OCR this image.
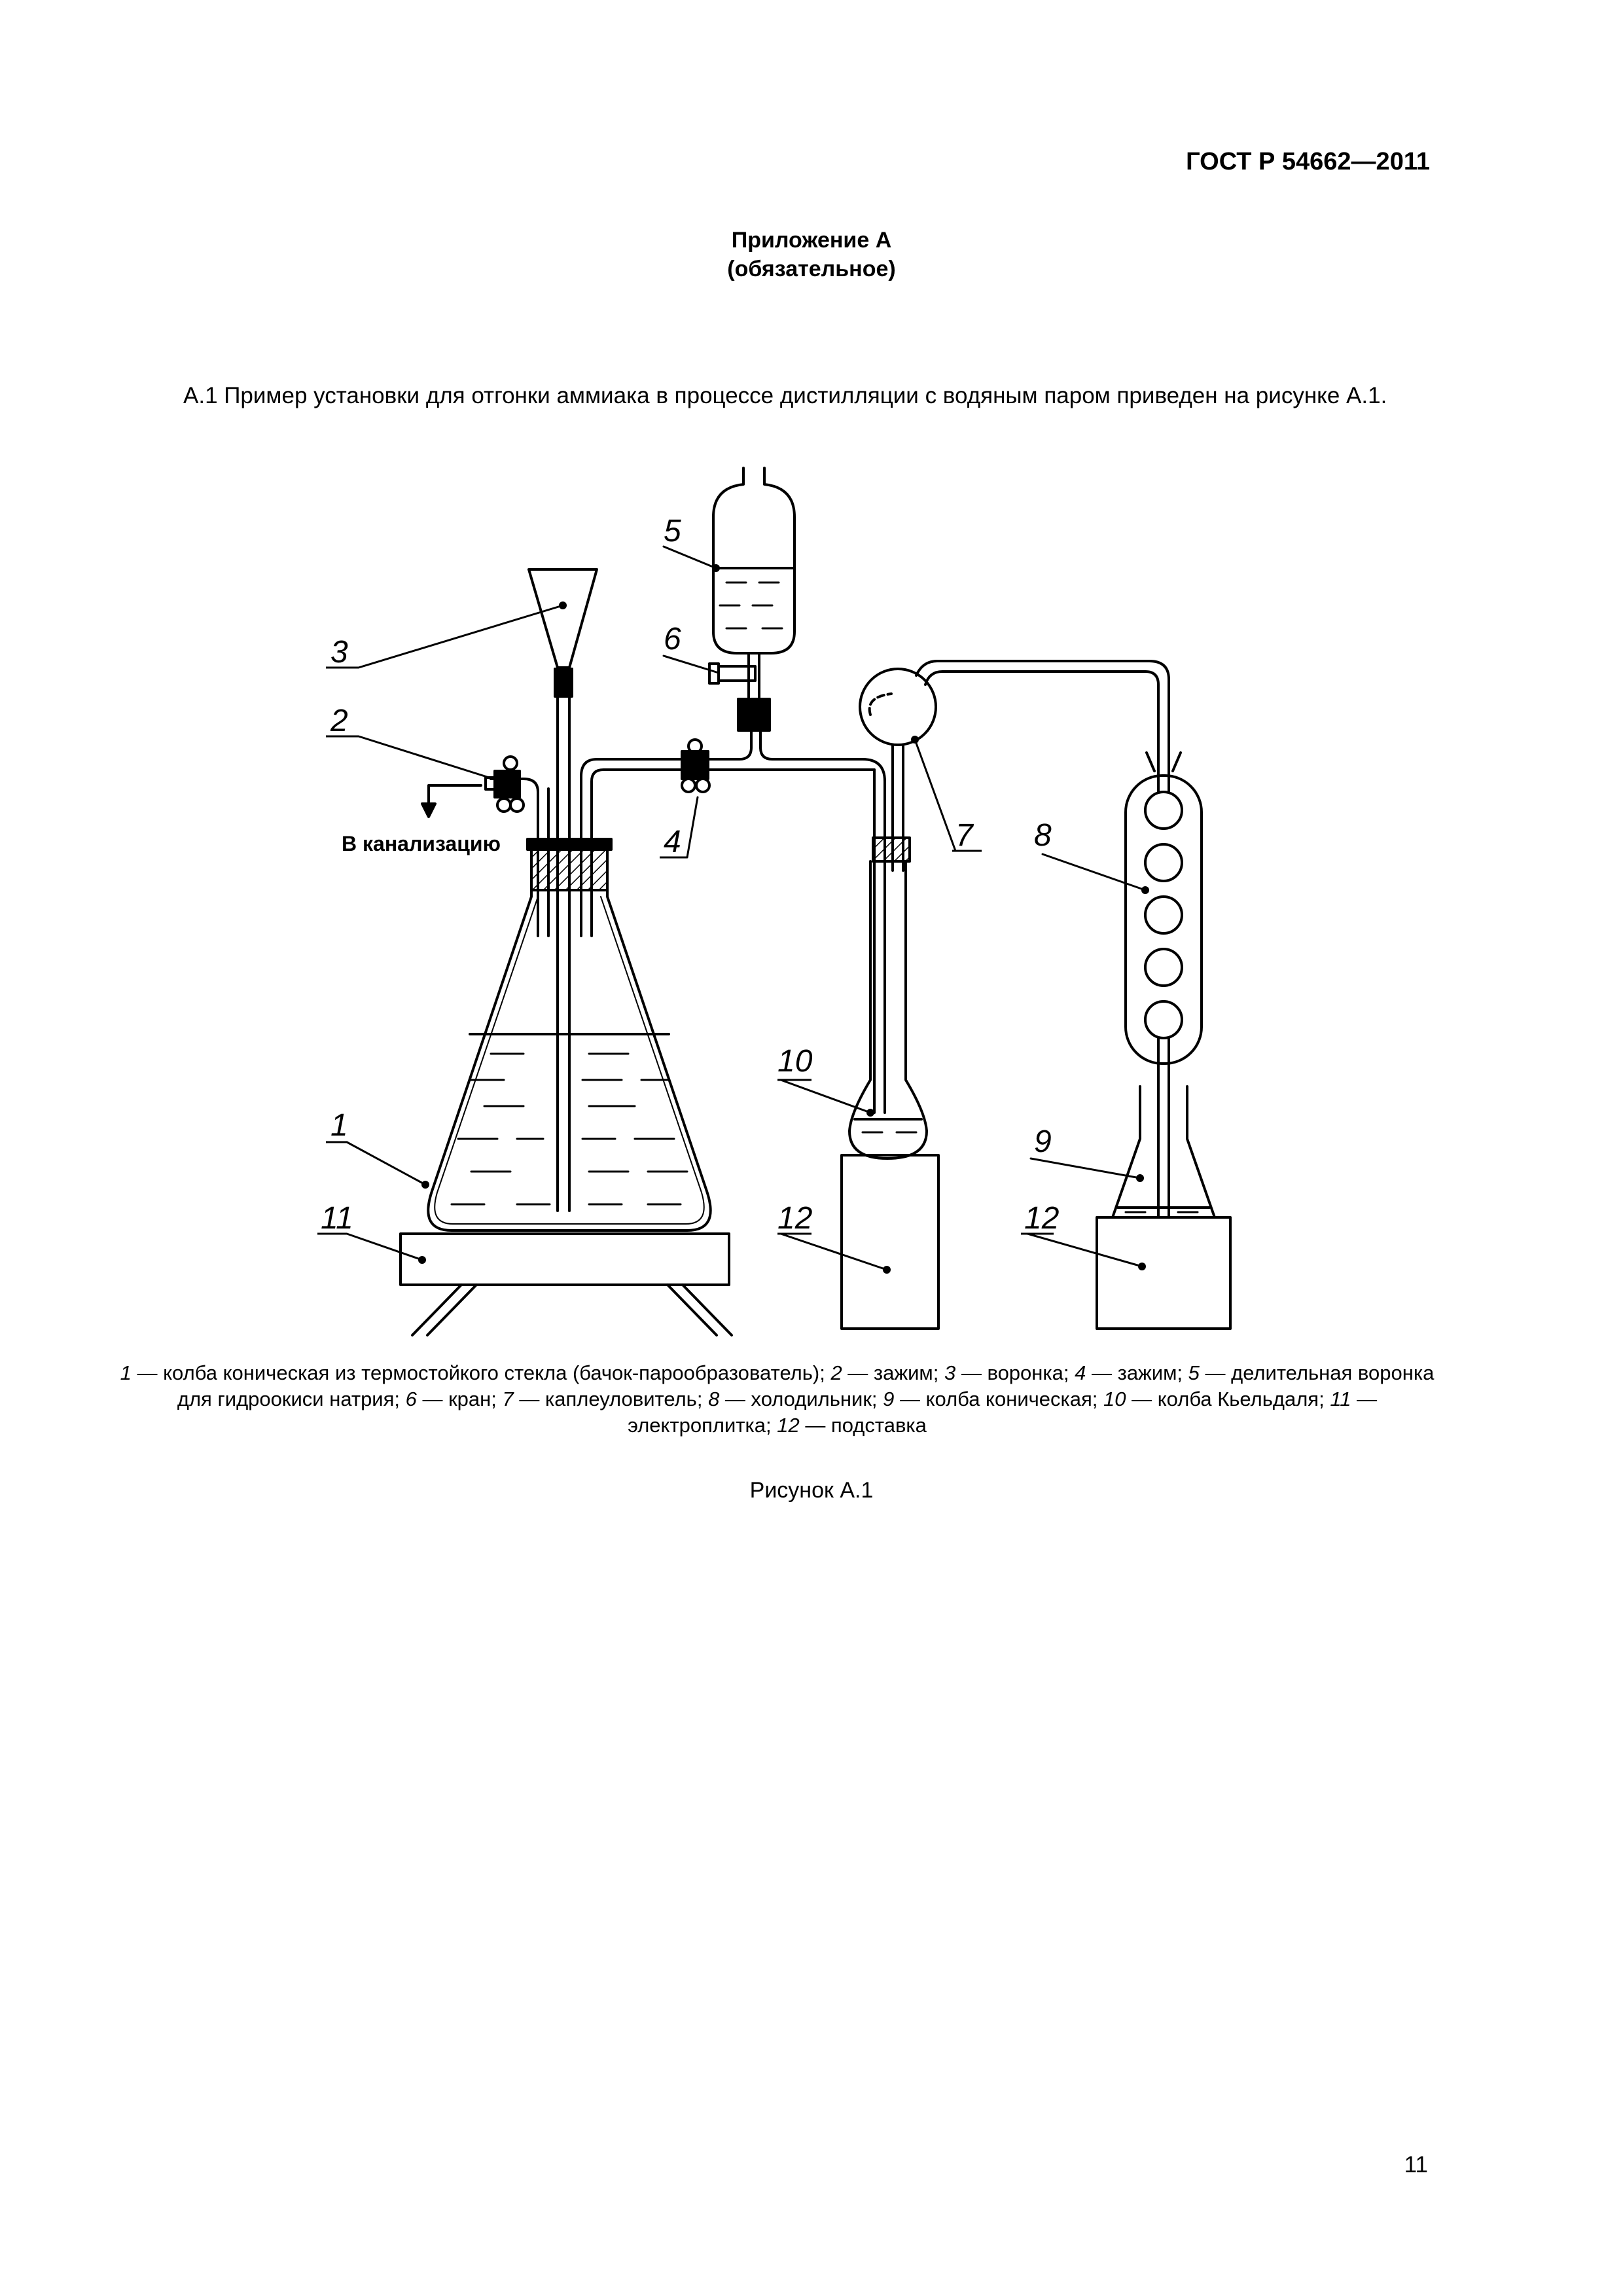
ГОСТ Р 54662—2011
Приложение А
(обязательное)
А.1 Пример установки для отгонки аммиака в процессе дистилляции с водяным паром приведен на рисунке А.1.
3
2
1
11
5
6
4	7 8
10
12
9
12
В канализацию
1 — колба коническая из термостойкого стекла (бачок-парообразователь); 2 — зажим; 3 — воронка; 4 — зажим; 5 — делительная воронка для гидроокиси натрия; 6 — кран; 7 — каплеуловитель; 8 — холодильник; 9 — колба коническая; 10 — колба Кьельдаля; 11 — электроплитка; 12 — подставка
Рисунок А.1
11
